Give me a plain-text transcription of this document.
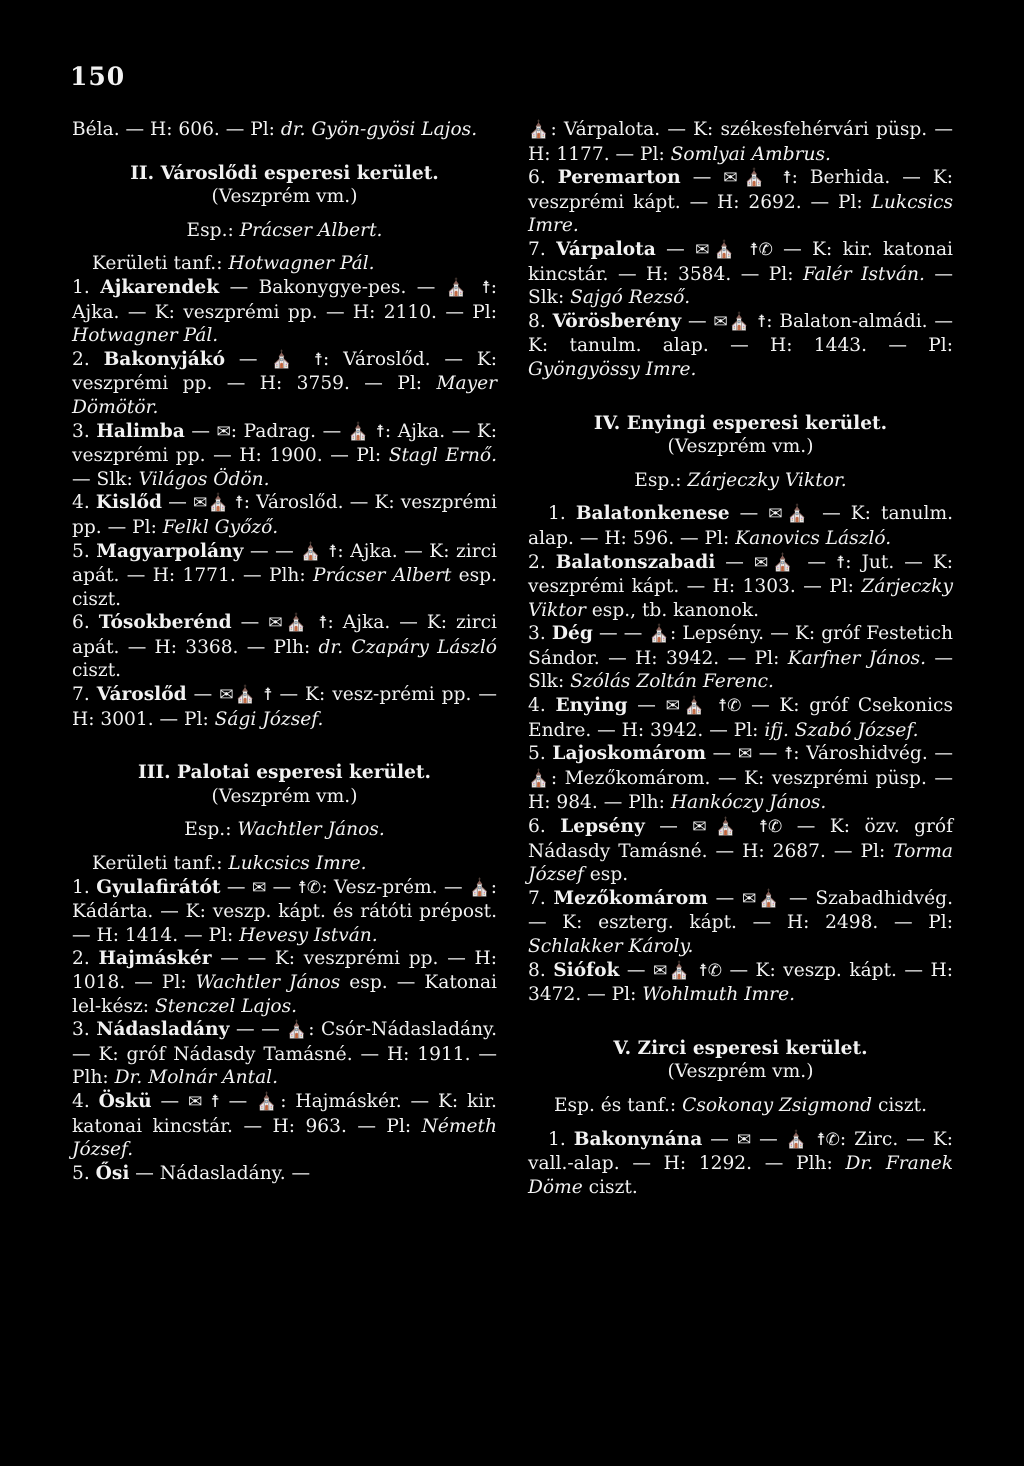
150

Béla. — H: 606. — Pl: dr. Gyön-gyösi Lajos.

II. Városlődi esperesi kerület.

(Veszprém vm.)

Esp.: Prácser Albert.

Kerületi tanf.: Hotwagner Pál.

1. Ajkarendek — Bakonygye-pes. — ⛪ ☨: Ajka. — K: veszprémi pp. — H: 2110. — Pl: Hotwagner Pál.

2. Bakonyjákó — ⛪ ☨: Városlőd. — K: veszprémi pp. — H: 3759. — Pl: Mayer Dömötör.

3. Halimba — ✉: Padrag. — ⛪ ☨: Ajka. — K: veszprémi pp. — H: 1900. — Pl: Stagl Ernő. — Slk: Világos Ödön.

4. Kislőd — ✉⛪ ☨: Városlőd. — K: veszprémi pp. — Pl: Felkl Győző.

5. Magyarpolány — — ⛪ ☨: Ajka. — K: zirci apát. — H: 1771. — Plh: Prácser Albert esp. ciszt.

6. Tósokberénd — ✉⛪ ☨: Ajka. — K: zirci apát. — H: 3368. — Plh: dr. Czapáry László ciszt.

7. Városlőd — ✉⛪ ☨ — K: vesz-prémi pp. — H: 3001. — Pl: Sági József.

III. Palotai esperesi kerület.

(Veszprém vm.)

Esp.: Wachtler János.

Kerületi tanf.: Lukcsics Imre.

1. Gyulafirátót — ✉ — ☨✆: Vesz-prém. — ⛪: Kádárta. — K: veszp. kápt. és rátóti prépost. — H: 1414. — Pl: Hevesy István.

2. Hajmáskér — — K: veszprémi pp. — H: 1018. — Pl: Wachtler János esp. — Katonai lel-kész: Stenczel Lajos.

3. Nádasladány — — ⛪: Csór-Nádasladány. — K: gróf Nádasdy Tamásné. — H: 1911. — Plh: Dr. Molnár Antal.

4. Öskü — ✉ ☨ — ⛪: Hajmáskér. — K: kir. katonai kincstár. — H: 963. — Pl: Németh József.

5. Ősi — Nádasladány. —

⛪: Várpalota. — K: székesfehérvári püsp. — H: 1177. — Pl: Somlyai Ambrus.

6. Peremarton — ✉⛪ ☨: Berhida. — K: veszprémi kápt. — H: 2692. — Pl: Lukcsics Imre.

7. Várpalota — ✉⛪ ☨✆ — K: kir. katonai kincstár. — H: 3584. — Pl: Falér István. — Slk: Sajgó Rezső.

8. Vörösberény — ✉⛪ ☨: Balaton-almádi. — K: tanulm. alap. — H: 1443. — Pl: Gyöngyössy Imre.

IV. Enyingi esperesi kerület.

(Veszprém vm.)

Esp.: Zárjeczky Viktor.

1. Balatonkenese — ✉⛪ — K: tanulm. alap. — H: 596. — Pl: Kanovics László.

2. Balatonszabadi — ✉⛪ — ☨: Jut. — K: veszprémi kápt. — H: 1303. — Pl: Zárjeczky Viktor esp., tb. kanonok.

3. Dég — — ⛪: Lepsény. — K: gróf Festetich Sándor. — H: 3942. — Pl: Karfner János. — Slk: Szólás Zoltán Ferenc.

4. Enying — ✉⛪ ☨✆ — K: gróf Csekonics Endre. — H: 3942. — Pl: ifj. Szabó József.

5. Lajoskomárom — ✉ — ☨: Városhidvég. — ⛪: Mezőkomárom. — K: veszprémi püsp. — H: 984. — Plh: Hankóczy János.

6. Lepsény — ✉⛪ ☨✆ — K: özv. gróf Nádasdy Tamásné. — H: 2687. — Pl: Torma József esp.

7. Mezőkomárom — ✉⛪ — Szabadhidvég. — K: eszterg. kápt. — H: 2498. — Pl: Schlakker Károly.

8. Siófok — ✉⛪ ☨✆ — K: veszp. kápt. — H: 3472. — Pl: Wohlmuth Imre.

V. Zirci esperesi kerület.

(Veszprém vm.)

Esp. és tanf.: Csokonay Zsigmond ciszt.

1. Bakonynána — ✉ — ⛪ ☨✆: Zirc. — K: vall.-alap. — H: 1292. — Plh: Dr. Franek Döme ciszt.
